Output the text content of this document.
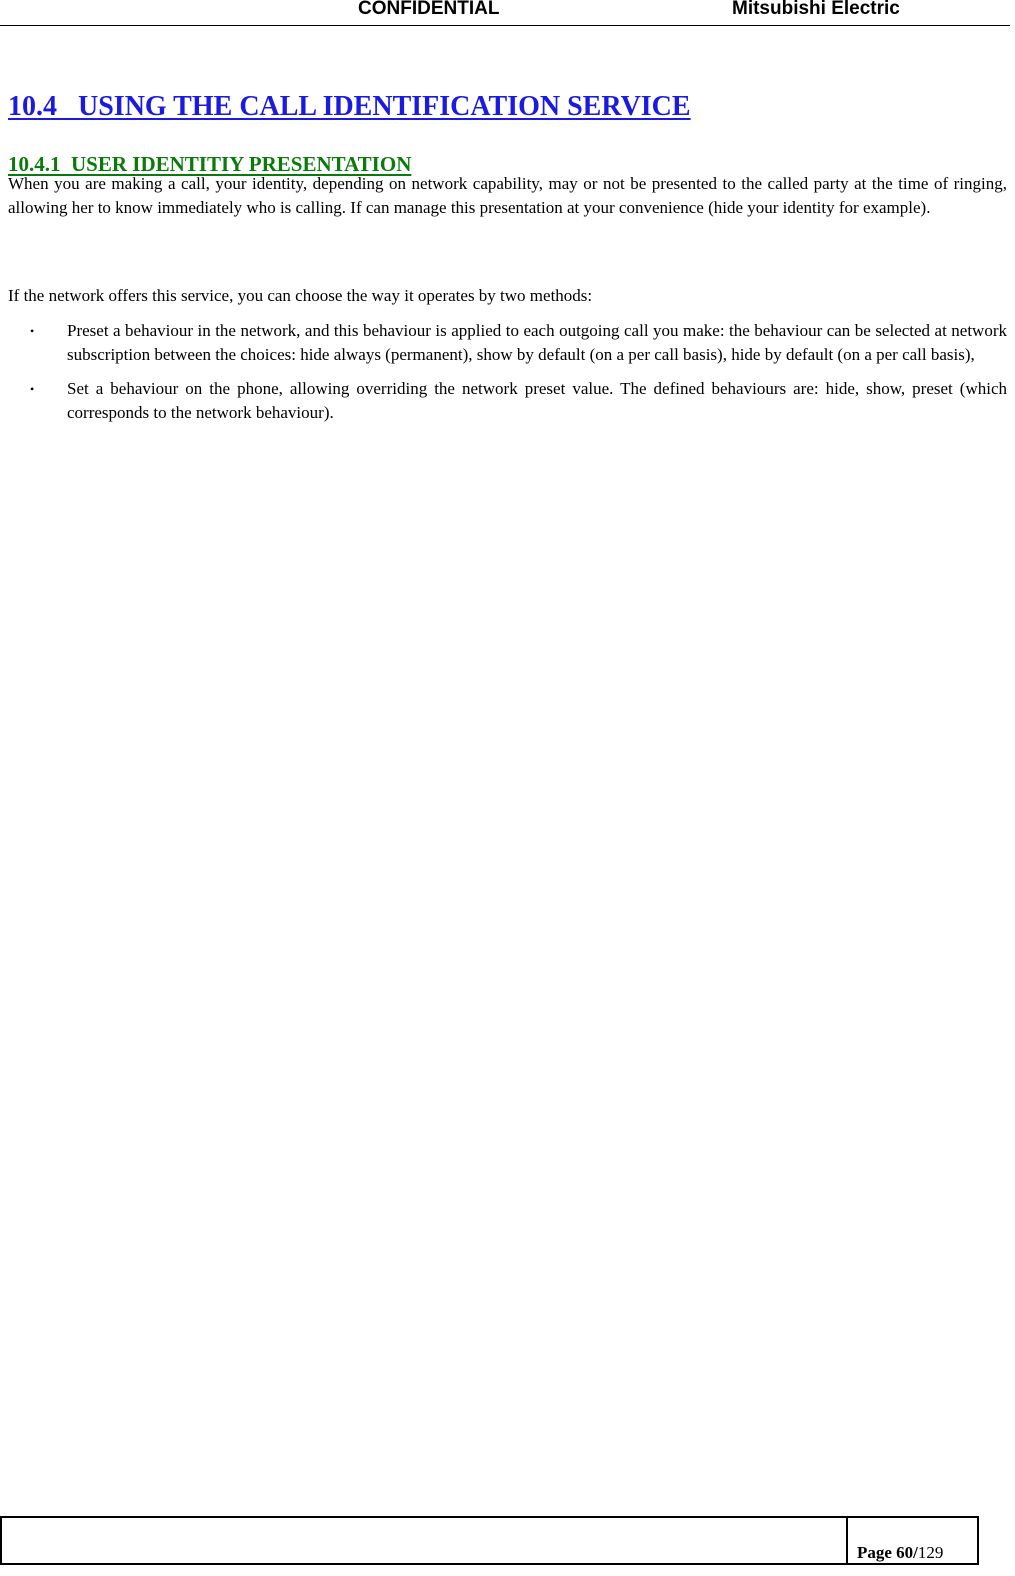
CONFIDENTIAL	Mitsubishi Electric
10.4   USING THE CALL IDENTIFICATION SERVICE
10.4.1  USER IDENTITIY PRESENTATION

When you are making a call, your identity, depending on network capability, may or not be presented to the called party at the time of ringing, allowing her to know immediately who is calling. If can manage this presentation at your convenience (hide your identity for example).

If the network offers this service, you can choose the way it operates by two methods:

• Preset a behaviour in the network, and this behaviour is applied to each outgoing call you make: the behaviour can be selected at network subscription between the choices: hide always (permanent), show by default (on a per call basis), hide by default (on a per call basis),
• Set a behaviour on the phone, allowing overriding the network preset value. The defined behaviours are: hide, show, preset (which corresponds to the network behaviour).
Page 60/129
